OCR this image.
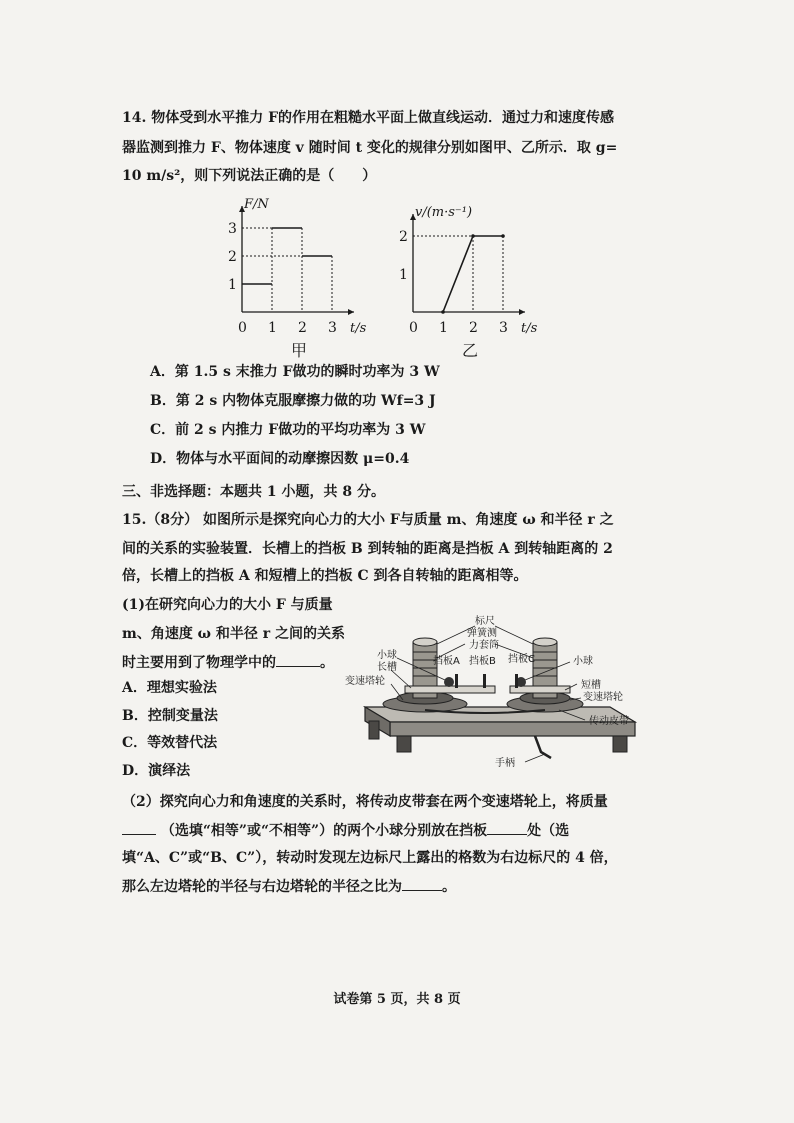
14. 物体受到水平推力 F的作用在粗糙水平面上做直线运动．通过力和速度传感
器监测到推力 F、物体速度 v 随时间 t 变化的规律分别如图甲、乙所示．取 g=
10 m/s²，则下列说法正确的是（　　）
0 1 2 3
1
2
3
t/s
F/N
甲
0 1 2 3
1
2
t/s
v/(m·s⁻¹)
乙
A．第 1.5 s 末推力 F做功的瞬时功率为 3 W
B．第 2 s 内物体克服摩擦力做的功 Wf=3 J
C．前 2 s 内推力 F做功的平均功率为 3 W
D．物体与水平面间的动摩擦因数 μ=0.4
三、非选择题：本题共 1 小题，共 8 分。
15.（8分） 如图所示是探究向心力的大小 F与质量 m、角速度 ω 和半径 r 之
间的关系的实验装置．长槽上的挡板 B 到转轴的距离是挡板 A 到转轴距离的 2
倍，长槽上的挡板 A 和短槽上的挡板 C 到各自转轴的距离相等。
(1)在研究向心力的大小 F 与质量
m、角速度 ω 和半径 r 之间的关系
时主要用到了物理学中的	。
A．理想实验法
B．控制变量法
C．等效替代法
D．演绎法
标尺
弹簧测
力套筒
小球
长槽
变速塔轮
挡板A 挡板B 挡板C	小球
短槽
变速塔轮
传动皮带
手柄
（2）探究向心力和角速度的关系时，将传动皮带套在两个变速塔轮上，将质量
（选填“相等”或“不相等”）的两个小球分别放在挡板	处（选
填“A、C”或“B、C”），转动时发现左边标尺上露出的格数为右边标尺的 4 倍，
那么左边塔轮的半径与右边塔轮的半径之比为	。
试卷第 5 页，共 8 页
